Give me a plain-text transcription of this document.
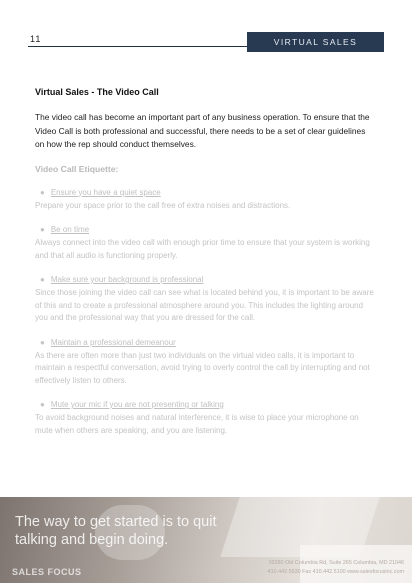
11	VIRTUAL SALES
Virtual Sales - The Video Call

The video call has become an important part of any business operation. To ensure that the Video Call is both professional and successful, there needs to be a set of clear guidelines on how the rep should conduct themselves.

Video Call Etiquette:
● Ensure you have a quiet space

Prepare your space prior to the call free of extra noises and distractions.

● Be on time

Always connect into the video call with enough prior time to ensure that your system is working and that all audio is functioning properly.

● Make sure your background is professional

Since those joining the video call can see what is located behind you, it is important to be aware of this and to create a professional atmosphere around you. This includes the lighting around you and the professional way that you are dressed for the call.

● Maintain a professional demeanour

As there are often more than just two individuals on the virtual video calls, it is important to maintain a respectful conversation, avoid trying to overly control the call by interrupting and not effectively listen to others.

● Mute your mic if you are not presenting or talking

To avoid background noises and natural interference, it is wise to place your microphone on mute when others are speaking, and you are listening.

The way to get started is to quit talking and begin doing.
SALES FOCUS
10280 Old Columbia Rd, Suite 265 Columbia, MD 21046
410.442.5630 Fax 410.442.5100 www.salesfocusinc.com
